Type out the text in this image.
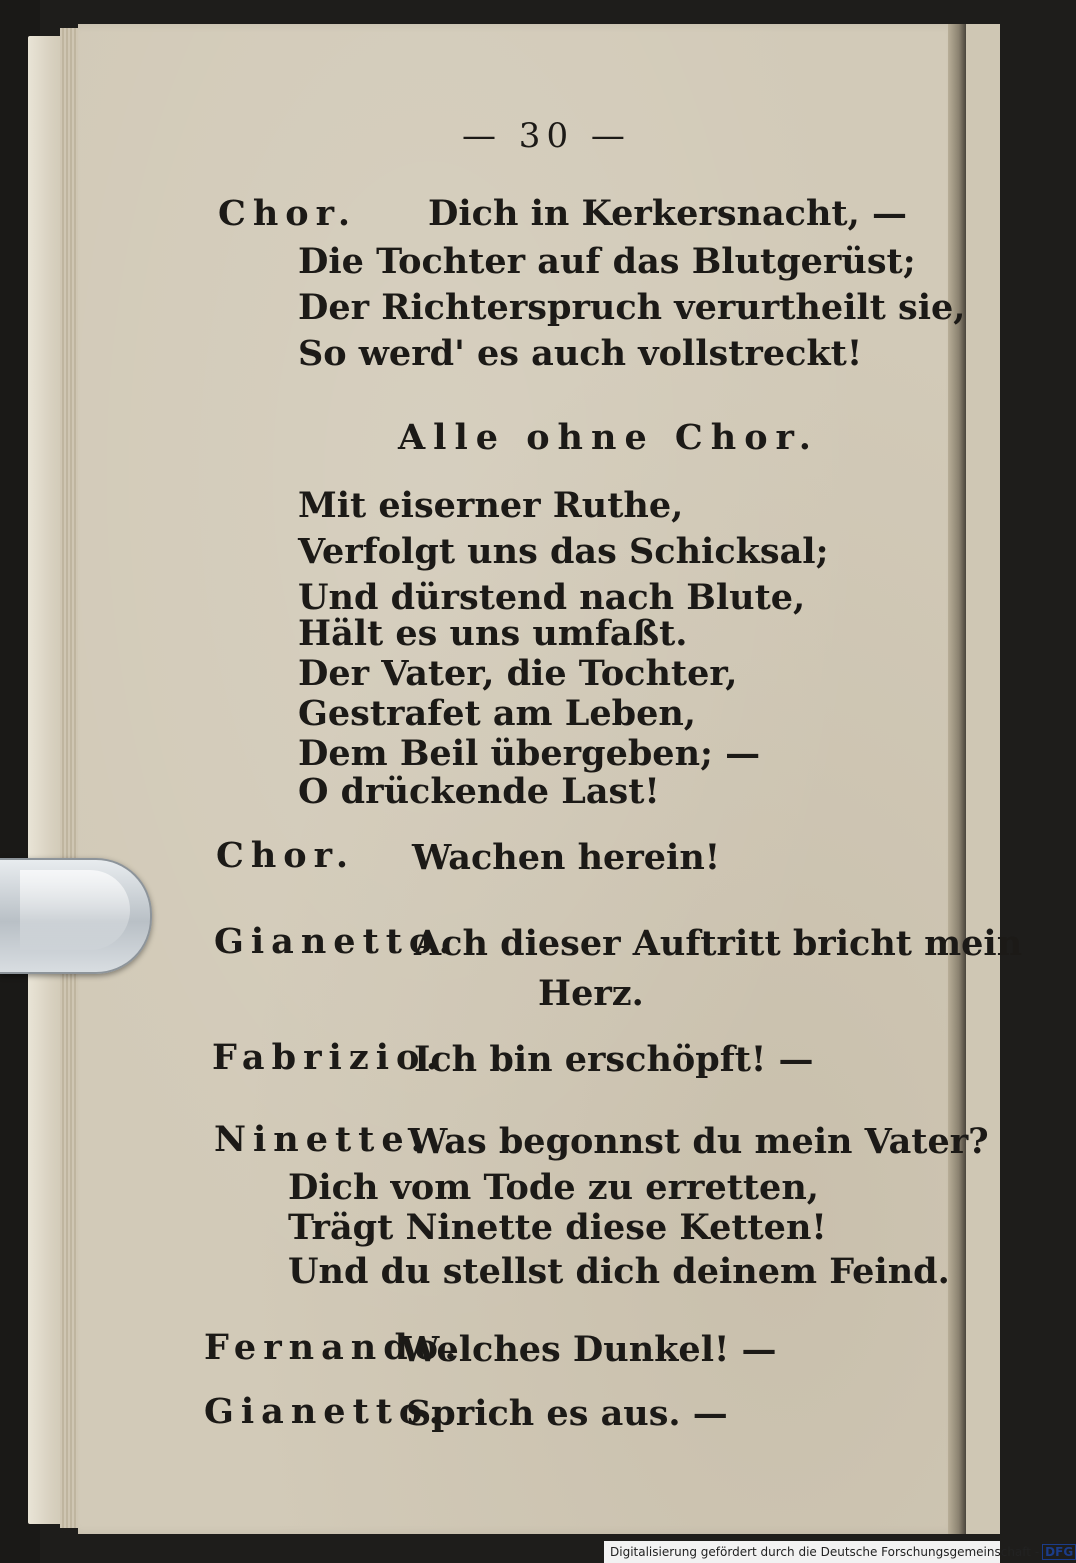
— 30 —
Chor. Dich in Kerkersnacht, —
Die Tochter auf das Blutgerüst;
Der Richterspruch verurtheilt sie,
So werd' es auch vollstreckt!
Alle ohne Chor.
Mit eiserner Ruthe,
Verfolgt uns das Schicksal;
Und dürstend nach Blute,
Hält es uns umfaßt.
Der Vater, die Tochter,
Gestrafet am Leben,
Dem Beil übergeben; —
O drückende Last!
Chor. Wachen herein!
Gianetto.
Ach dieser Auftritt bricht mein
Herz.
Fabrizio.
Ich bin erschöpft! —
Ninette.
Was begonnst du mein Vater?
Dich vom Tode zu erretten,
Trägt Ninette diese Ketten!
Und du stellst dich deinem Feind.
Fernando.
Welches Dunkel! —
Gianetto.
Sprich es aus. —
Digitalisierung gefördert durch die Deutsche Forschungsgemeinschaft - DFG
